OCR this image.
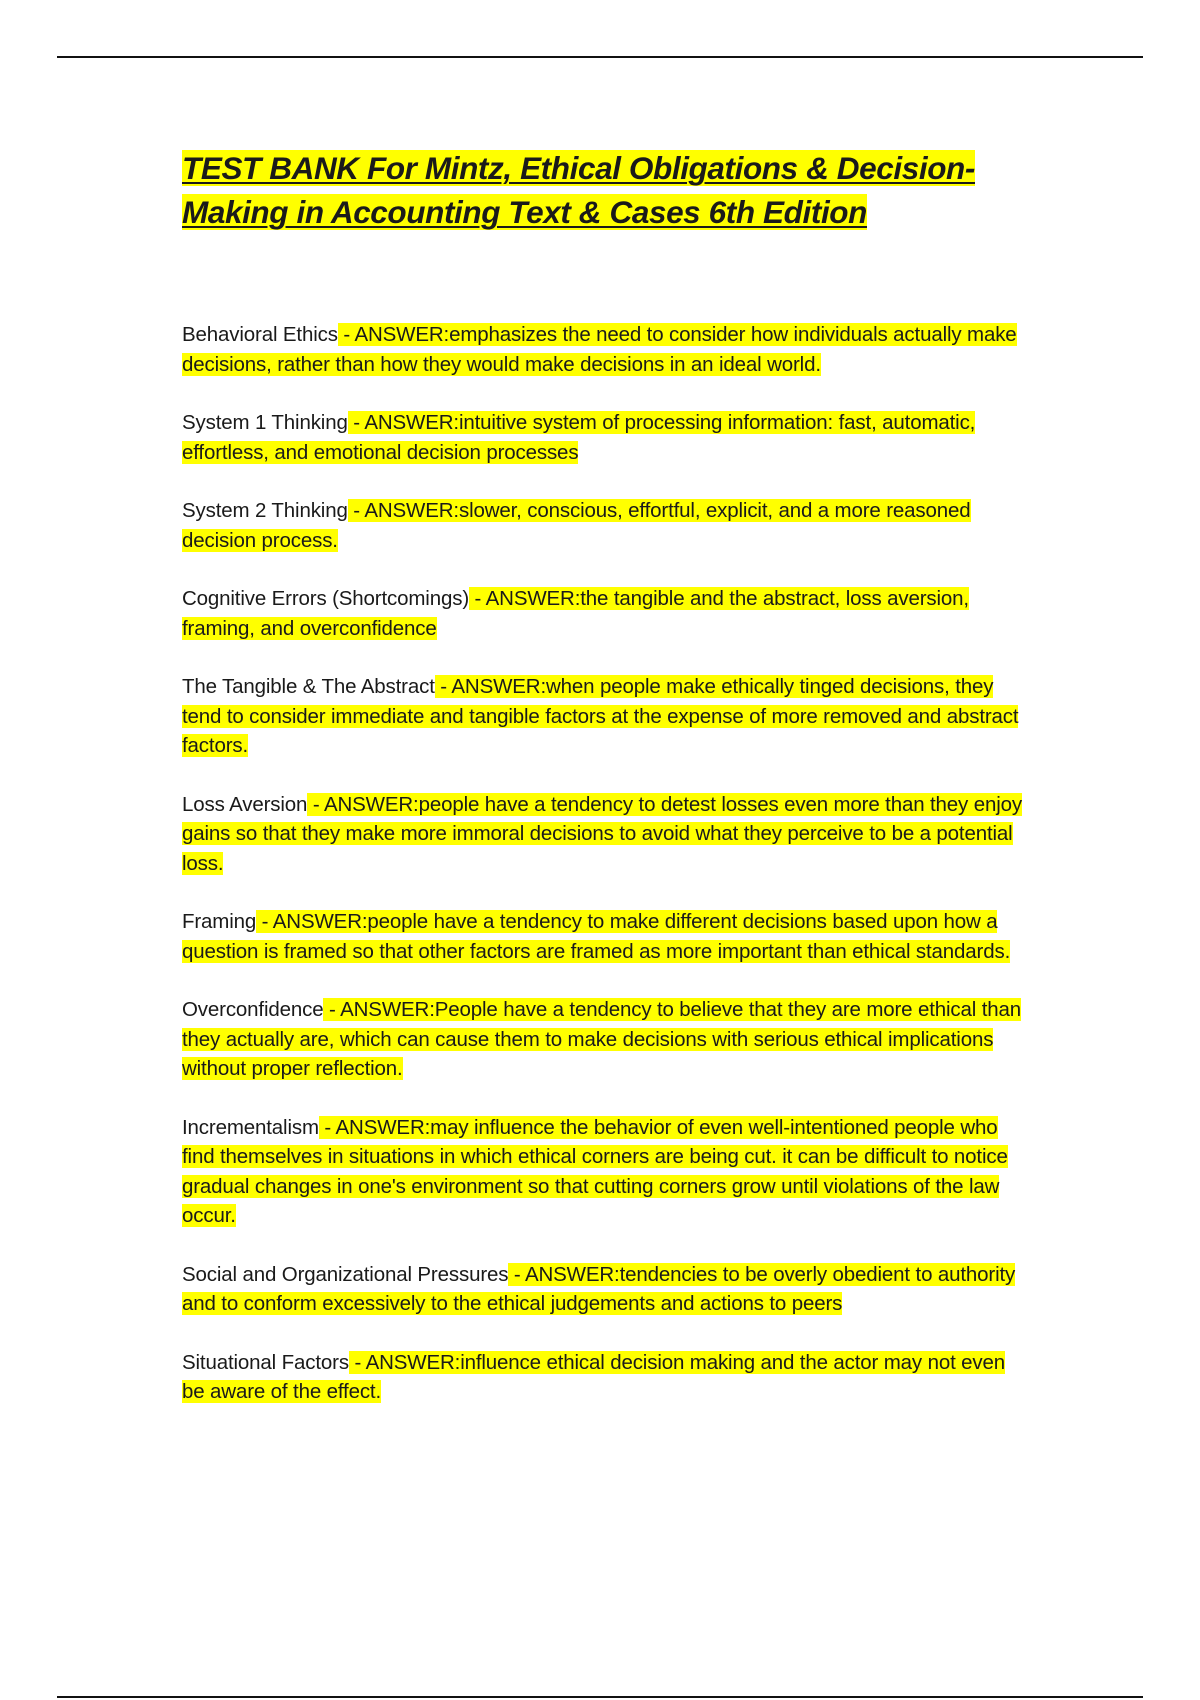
TEST BANK For Mintz, Ethical Obligations & Decision-Making in Accounting Text & Cases 6th Edition
Behavioral Ethics - ANSWER:emphasizes the need to consider how individuals actually make decisions, rather than how they would make decisions in an ideal world.
System 1 Thinking - ANSWER:intuitive system of processing information: fast, automatic, effortless, and emotional decision processes
System 2 Thinking - ANSWER:slower, conscious, effortful, explicit, and a more reasoned decision process.
Cognitive Errors (Shortcomings) - ANSWER:the tangible and the abstract, loss aversion, framing, and overconfidence
The Tangible & The Abstract - ANSWER:when people make ethically tinged decisions, they tend to consider immediate and tangible factors at the expense of more removed and abstract factors.
Loss Aversion - ANSWER:people have a tendency to detest losses even more than they enjoy gains so that they make more immoral decisions to avoid what they perceive to be a potential loss.
Framing - ANSWER:people have a tendency to make different decisions based upon how a question is framed so that other factors are framed as more important than ethical standards.
Overconfidence - ANSWER:People have a tendency to believe that they are more ethical than they actually are, which can cause them to make decisions with serious ethical implications without proper reflection.
Incrementalism - ANSWER:may influence the behavior of even well-intentioned people who find themselves in situations in which ethical corners are being cut. it can be difficult to notice gradual changes in one's environment so that cutting corners grow until violations of the law occur.
Social and Organizational Pressures - ANSWER:tendencies to be overly obedient to authority and to conform excessively to the ethical judgements and actions to peers
Situational Factors - ANSWER:influence ethical decision making and the actor may not even be aware of the effect.
